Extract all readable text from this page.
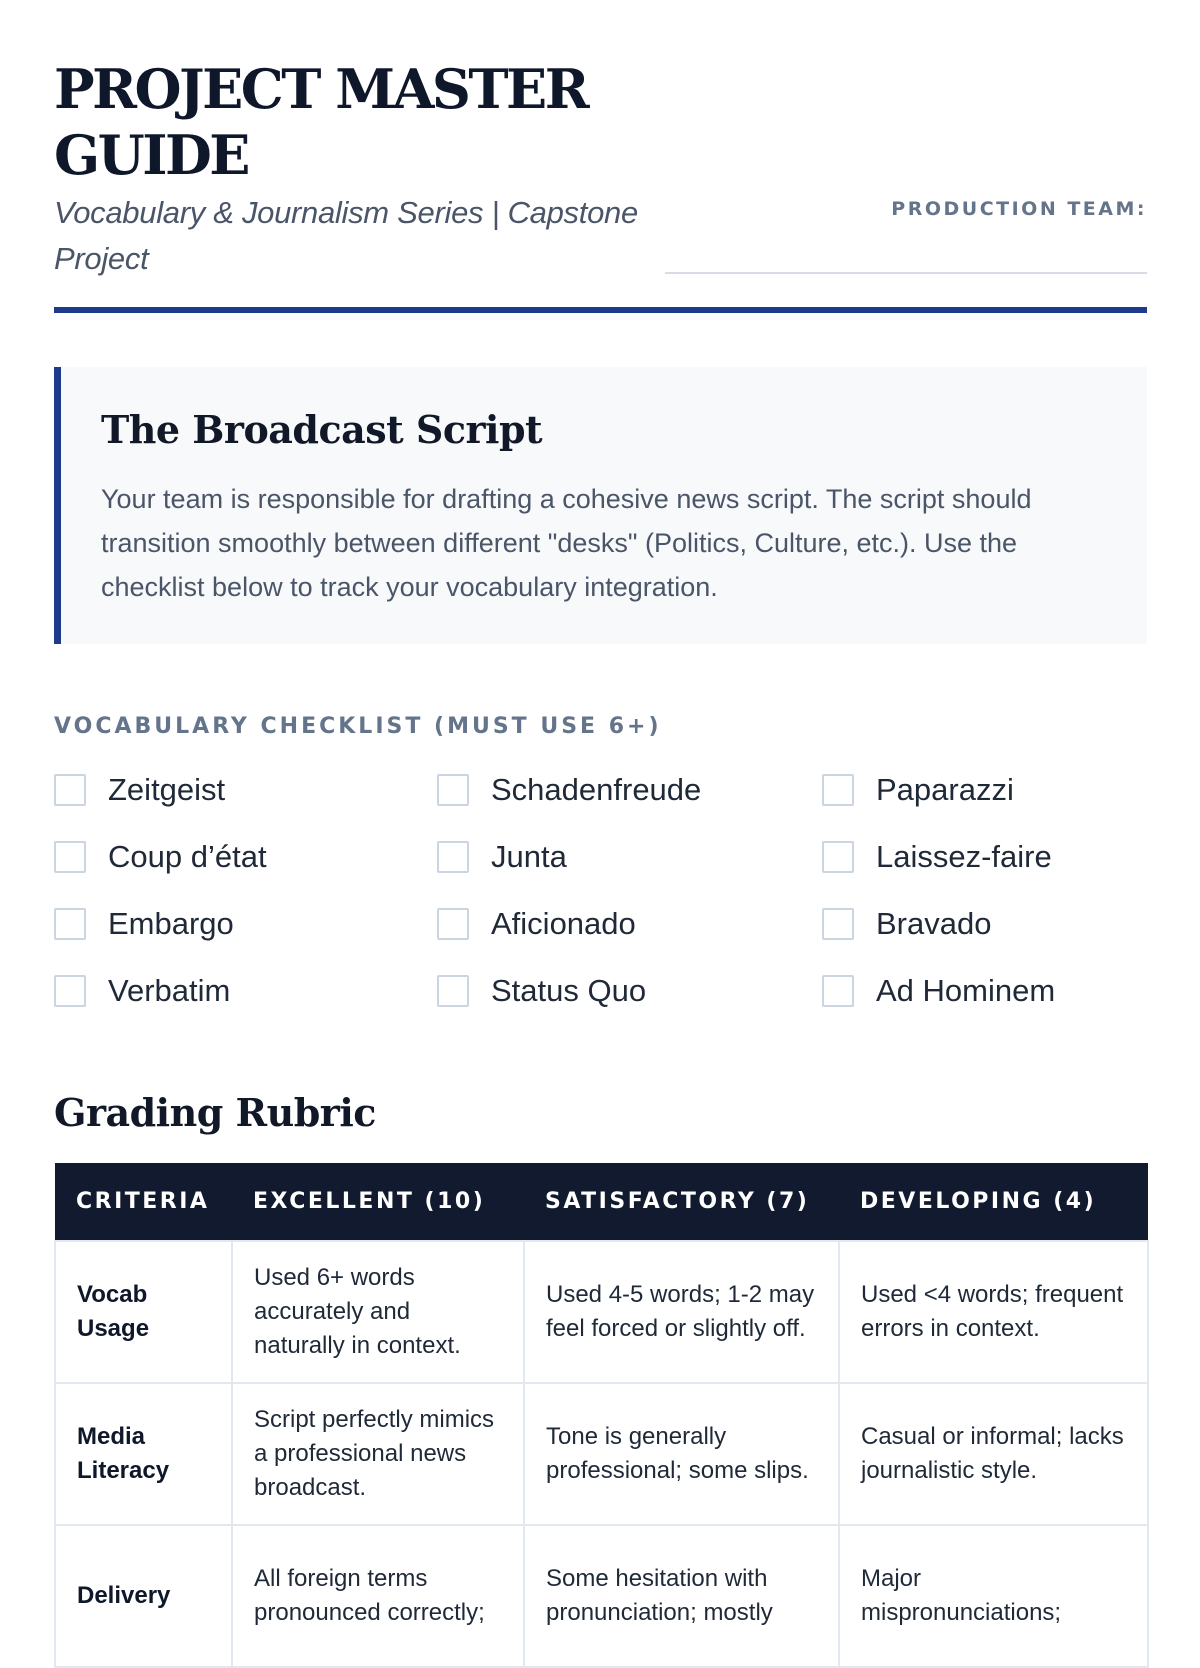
PROJECT MASTER GUIDE
Vocabulary & Journalism Series | Capstone Project
PRODUCTION TEAM:
The Broadcast Script
Your team is responsible for drafting a cohesive news script. The script should transition smoothly between different "desks" (Politics, Culture, etc.). Use the checklist below to track your vocabulary integration.
VOCABULARY CHECKLIST (MUST USE 6+)
Zeitgeist	Schadenfreude	Paparazzi
Coup d’état	Junta	Laissez-faire
Embargo	Aficionado	Bravado
Verbatim	Status Quo	Ad Hominem
Grading Rubric
CRITERIA	EXCELLENT (10)	SATISFACTORY (7)	DEVELOPING (4)
Vocab Usage	Used 6+ words accurately and naturally in context.	Used 4-5 words; 1-2 may feel forced or slightly off.	Used <4 words; frequent errors in context.
Media Literacy	Script perfectly mimics a professional news broadcast.	Tone is generally professional; some slips.	Casual or informal; lacks journalistic style.
Delivery	All foreign terms pronounced correctly;	Some hesitation with pronunciation; mostly	Major mispronunciations;
